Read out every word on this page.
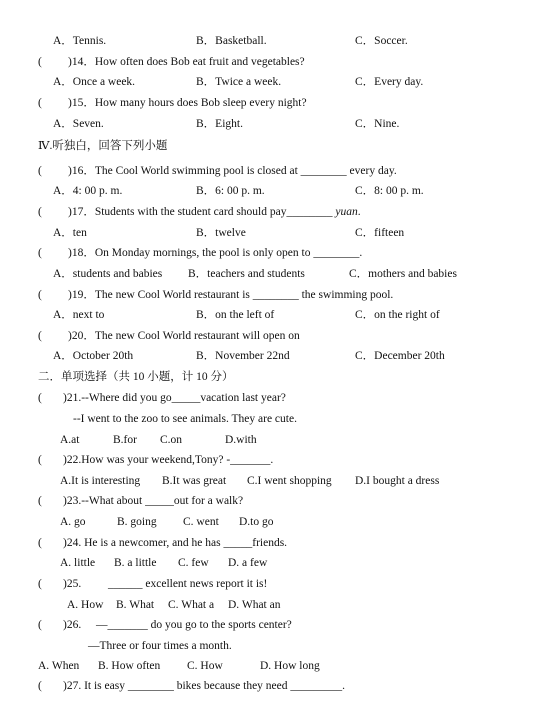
A．Tennis.	B．Basketball.	C．Soccer.
( )14．How often does Bob eat fruit and vegetables?
A．Once a week.	B．Twice a week.	C．Every day.
( )15．How many hours does Bob sleep every night?
A．Seven.	B．Eight.	C．Nine.
Ⅳ.听独白，回答下列小题
( )16．The Cool World swimming pool is closed at ________ every day.
A．4: 00 p. m.	B．6: 00 p. m.	C．8: 00 p. m.
( )17．Students with the student card should pay________ yuan.
A．ten	B．twelve	C．fifteen
( )18．On Monday mornings, the pool is only open to ________.
A．students and babies B．teachers and students	C．mothers and babies
( )19．The new Cool World restaurant is ________ the swimming pool.
A．next to	B．on the left of	C．on the right of
( )20．The new Cool World restaurant will open on
A．October 20th	B．November 22nd	C．December 20th
二．单项选择（共 10 小题，计 10 分）
( )21.--Where did you go_____vacation last year?
--I went to the zoo to see animals. They are cute.
A.at	B.for C.on	D.with
( )22.How was your weekend,Tony? -_______.
A.It is interesting B.It was great C.I went shopping D.I bought a dress
( )23.--What about _____out for a walk?
A. go	B. going C. went D.to go
( )24. He is a newcomer, and he has _____friends.
A. little B. a little C. few D. a few
( )25. ______ excellent news report it is!
A. How B. What C. What a D. What an
( )26. —_______ do you go to the sports center?
—Three or four times a month.
A. When B. How often C. How	D. How long
( )27. It is easy ________ bikes because they need _________.
